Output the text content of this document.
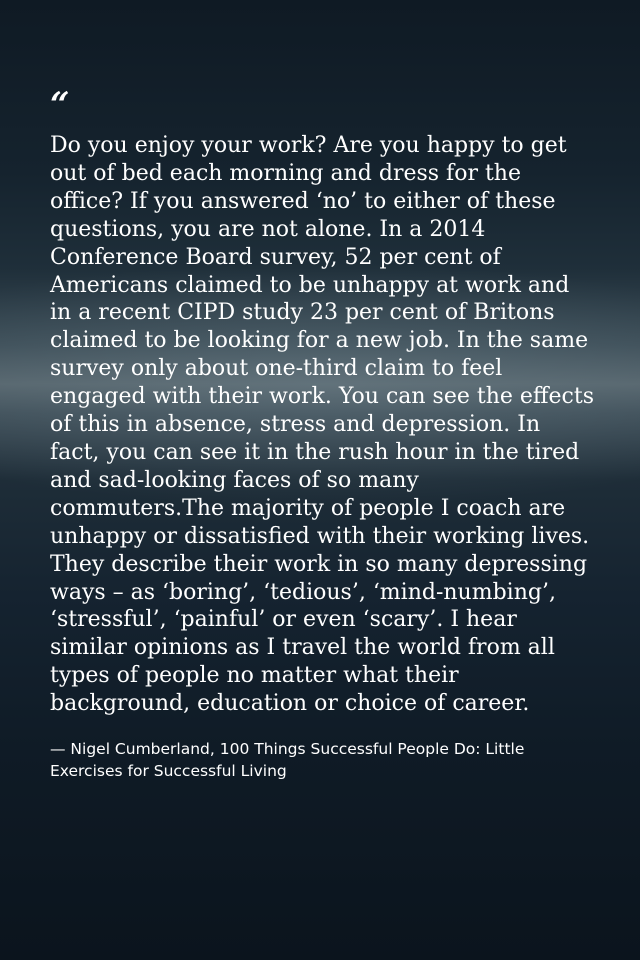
“

Do you enjoy your work? Are you happy to get out of bed each morning and dress for the office? If you answered ‘no’ to either of these questions, you are not alone. In a 2014 Conference Board survey, 52 per cent of Americans claimed to be unhappy at work and in a recent CIPD study 23 per cent of Britons claimed to be looking for a new job. In the same survey only about one-third claim to feel engaged with their work. You can see the effects of this in absence, stress and depression. In fact, you can see it in the rush hour in the tired and sad-looking faces of so many commuters.The majority of people I coach are unhappy or dissatisfied with their working lives. They describe their work in so many depressing ways – as ‘boring’, ‘tedious’, ‘mind-numbing’, ‘stressful’, ‘painful’ or even ‘scary’. I hear similar opinions as I travel the world from all types of people no matter what their background, education or choice of career.

— Nigel Cumberland, 100 Things Successful People Do: Little Exercises for Successful Living
